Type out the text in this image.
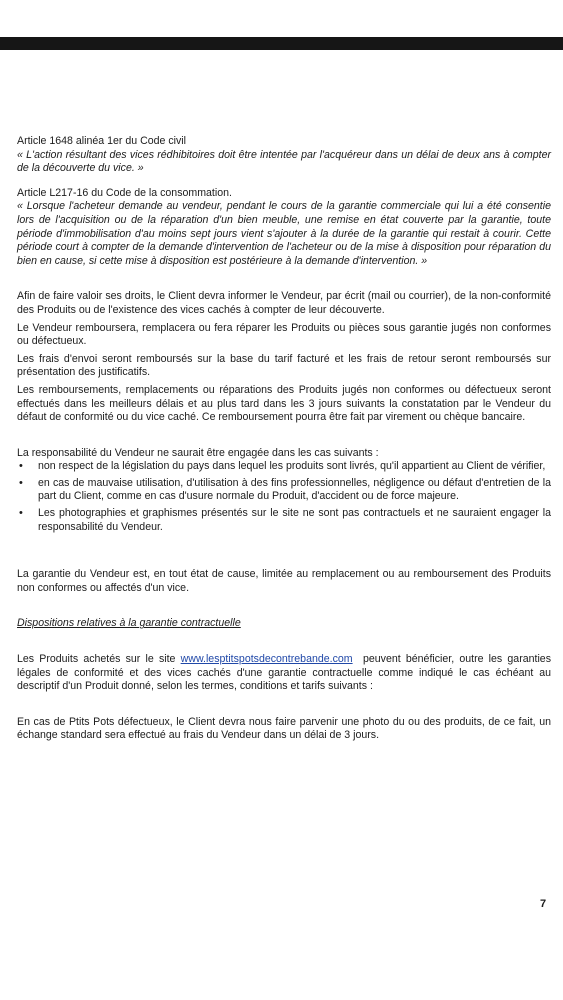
Article 1648 alinéa 1er du Code civil

« L'action résultant des vices rédhibitoires doit être intentée par l'acquéreur dans un délai de deux ans à compter de la découverte du vice. »

Article L217-16 du Code de la consommation.

« Lorsque l'acheteur demande au vendeur, pendant le cours de la garantie commerciale qui lui a été consentie lors de l'acquisition ou de la réparation d'un bien meuble, une remise en état couverte par la garantie, toute période d'immobilisation d'au moins sept jours vient s'ajouter à la durée de la garantie qui restait à courir. Cette période court à compter de la demande d'intervention de l'acheteur ou de la mise à disposition pour réparation du bien en cause, si cette mise à disposition est postérieure à la demande d'intervention. »

Afin de faire valoir ses droits, le Client devra informer le Vendeur, par écrit (mail ou courrier), de la non-conformité des Produits ou de l'existence des vices cachés à compter de leur découverte.

Le Vendeur remboursera, remplacera ou fera réparer les Produits ou pièces sous garantie jugés non conformes ou défectueux.

Les frais d'envoi seront remboursés sur la base du tarif facturé et les frais de retour seront remboursés sur présentation des justificatifs.

Les remboursements, remplacements ou réparations des Produits jugés non conformes ou défectueux seront effectués dans les meilleurs délais et au plus tard dans les 3 jours suivants la constatation par le Vendeur du défaut de conformité ou du vice caché. Ce remboursement pourra être fait par virement ou chèque bancaire.

La responsabilité du Vendeur ne saurait être engagée dans les cas suivants :

• non respect de la législation du pays dans lequel les produits sont livrés, qu'il appartient au Client de vérifier,
• en cas de mauvaise utilisation, d'utilisation à des fins professionnelles, négligence ou défaut d'entretien de la part du Client, comme en cas d'usure normale du Produit, d'accident ou de force majeure.
• Les photographies et graphismes présentés sur le site ne sont pas contractuels et ne sauraient engager la responsabilité du Vendeur.

La garantie du Vendeur est, en tout état de cause, limitée au remplacement ou au remboursement des Produits non conformes ou affectés d'un vice.

Dispositions relatives à la garantie contractuelle

Les Produits achetés sur le site www.lesptitspotsdecontrebande.com peuvent bénéficier, outre les garanties légales de conformité et des vices cachés d'une garantie contractuelle comme indiqué le cas échéant au descriptif d'un Produit donné, selon les termes, conditions et tarifs suivants :

En cas de Ptits Pots défectueux, le Client devra nous faire parvenir une photo du ou des produits, de ce fait, un échange standard sera effectué au frais du Vendeur dans un délai de 3 jours.

7
